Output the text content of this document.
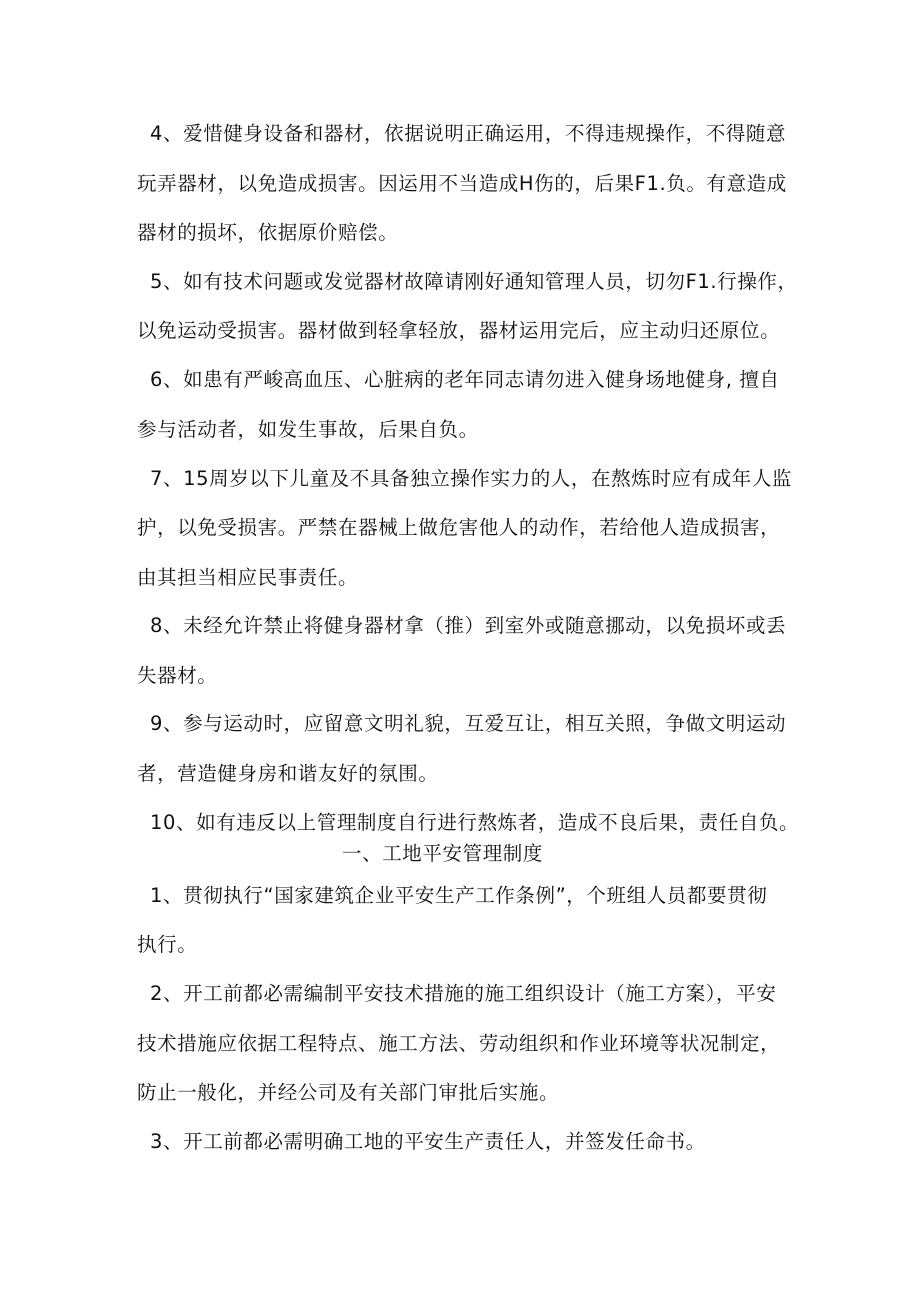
4、爱惜健身设备和器材，依据说明正确运用，不得违规操作，不得随意
玩弄器材，以免造成损害。因运用不当造成H伤的，后果F1.负。有意造成
器材的损坏，依据原价赔偿。
5、如有技术问题或发觉器材故障请刚好通知管理人员，切勿F1.行操作，
以免运动受损害。器材做到轻拿轻放，器材运用完后，应主动归还原位。
6、如患有严峻高血压、心脏病的老年同志请勿进入健身场地健身, 擅自
参与活动者，如发生事故，后果自负。
7、15周岁以下儿童及不具备独立操作实力的人，在熬炼时应有成年人监
护，以免受损害。严禁在器械上做危害他人的动作，若给他人造成损害，
由其担当相应民事责任。
8、未经允许禁止将健身器材拿（推）到室外或随意挪动，以免损坏或丢
失器材。
9、参与运动时，应留意文明礼貌，互爱互让，相互关照，争做文明运动
者，营造健身房和谐友好的氛围。
10、如有违反以上管理制度自行进行熬炼者，造成不良后果，责任自负。
一、工地平安管理制度
1、贯彻执行“国家建筑企业平安生产工作条例”，个班组人员都要贯彻
执行。
2、开工前都必需编制平安技术措施的施工组织设计（施工方案），平安
技术措施应依据工程特点、施工方法、劳动组织和作业环境等状况制定，
防止一般化，并经公司及有关部门审批后实施。
3、开工前都必需明确工地的平安生产责任人，并签发任命书。
